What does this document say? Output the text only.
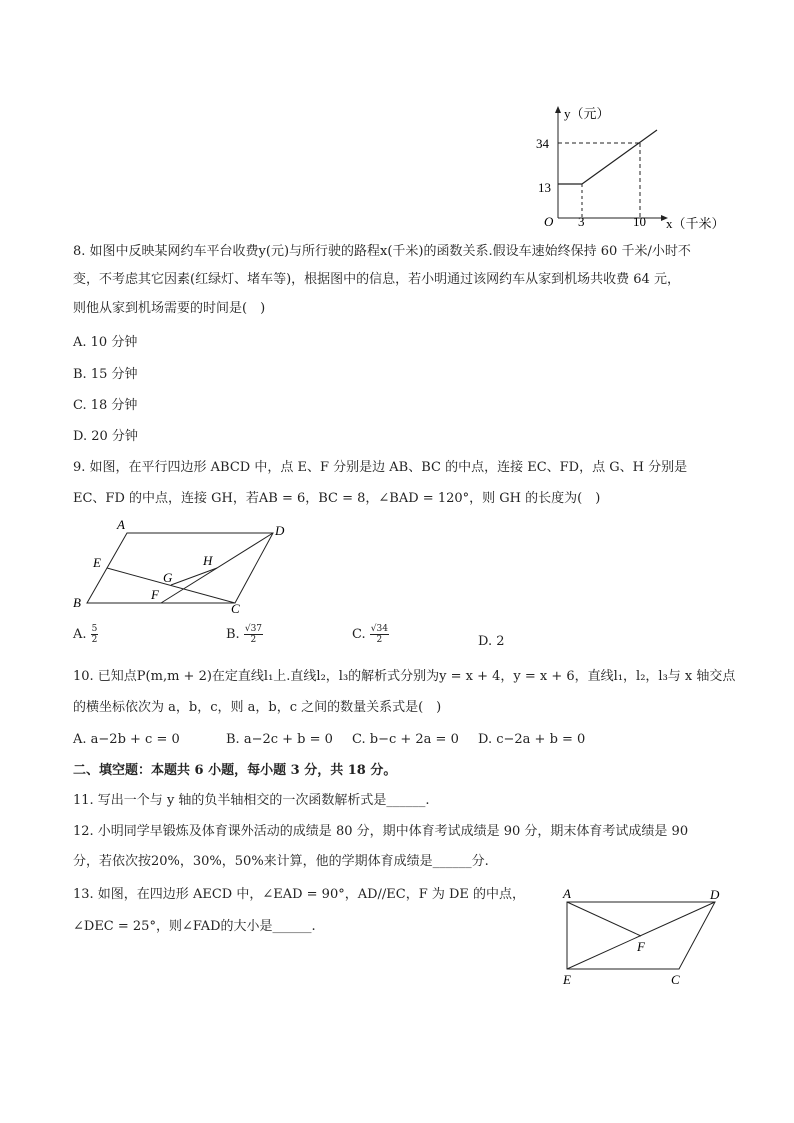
y（元）
34
13
O 3	10 x（千米）
8. 如图中反映某网约车平台收费y(元)与所行驶的路程x(千米)的函数关系.假设车速始终保持 60 千米/小时不
变，不考虑其它因素(红绿灯、堵车等)，根据图中的信息，若小明通过该网约车从家到机场共收费 64 元，
则他从家到机场需要的时间是(　)
A. 10 分钟
B. 15 分钟
C. 18 分钟
D. 20 分钟
9. 如图，在平行四边形 ABCD 中，点 E、F 分别是边 AB、BC 的中点，连接 EC、FD，点 G、H 分别是
EC、FD 的中点，连接 GH，若AB = 6，BC = 8，∠BAD = 120°，则 GH 的长度为(　)
A	D
E	H
G
F
B	C
A. $\frac{5}{2}$	B. $\frac{√37}{2}$	C. $\frac{√34}{2}$	D. 2
10. 已知点P(m,m + 2)在定直线l₁上.直线l₂，l₃的解析式分别为y = x + 4，y = x + 6，直线l₁，l₂，l₃与 x 轴交点
的横坐标依次为 a，b，c，则 a，b，c 之间的数量关系式是(　)
A. a−2b + c = 0	B. a−2c + b = 0 C. b−c + 2a = 0 D. c−2a + b = 0
二、填空题：本题共 6 小题，每小题 3 分，共 18 分。
11. 写出一个与 y 轴的负半轴相交的一次函数解析式是______.
12. 小明同学早锻炼及体育课外活动的成绩是 80 分，期中体育考试成绩是 90 分，期末体育考试成绩是 90
分，若依次按20%，30%，50%来计算，他的学期体育成绩是______分.
13. 如图，在四边形 AECD 中，∠EAD = 90°，AD//EC，F 为 DE 的中点，
∠DEC = 25°，则∠FAD的大小是______.
A	D
F
E	C
